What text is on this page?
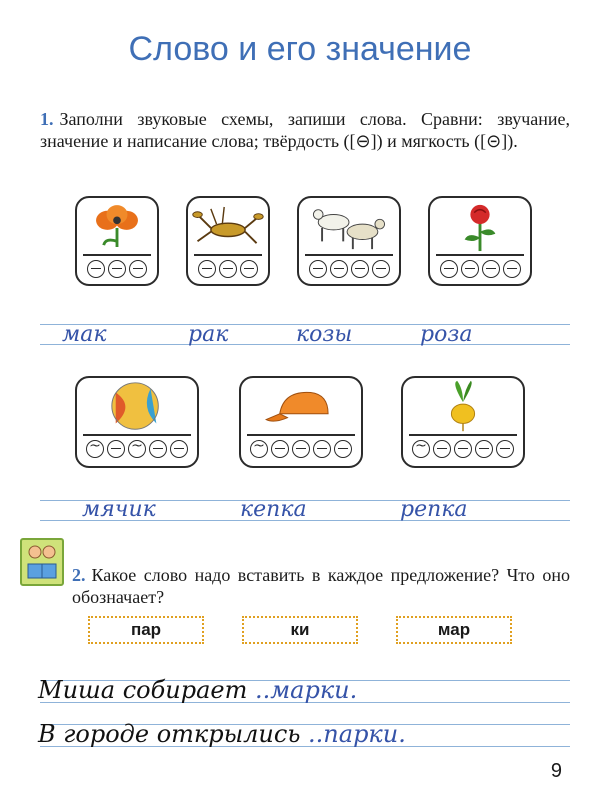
Слово и его значение
1. Заполни звуковые схемы, запиши слова. Сравни: звучание, значение и написание слова; твёрдость ([⊖]) и мягкость ([⊝]).
мак	рак	козы	роза
~
~
~
~
мячик	кепка	репка
2. Какое слово надо вставить в каждое предложение? Что оно обозначает?
пар	ки	мар
Миша собирает ..марки.
В городе открылись ..парки.
9
